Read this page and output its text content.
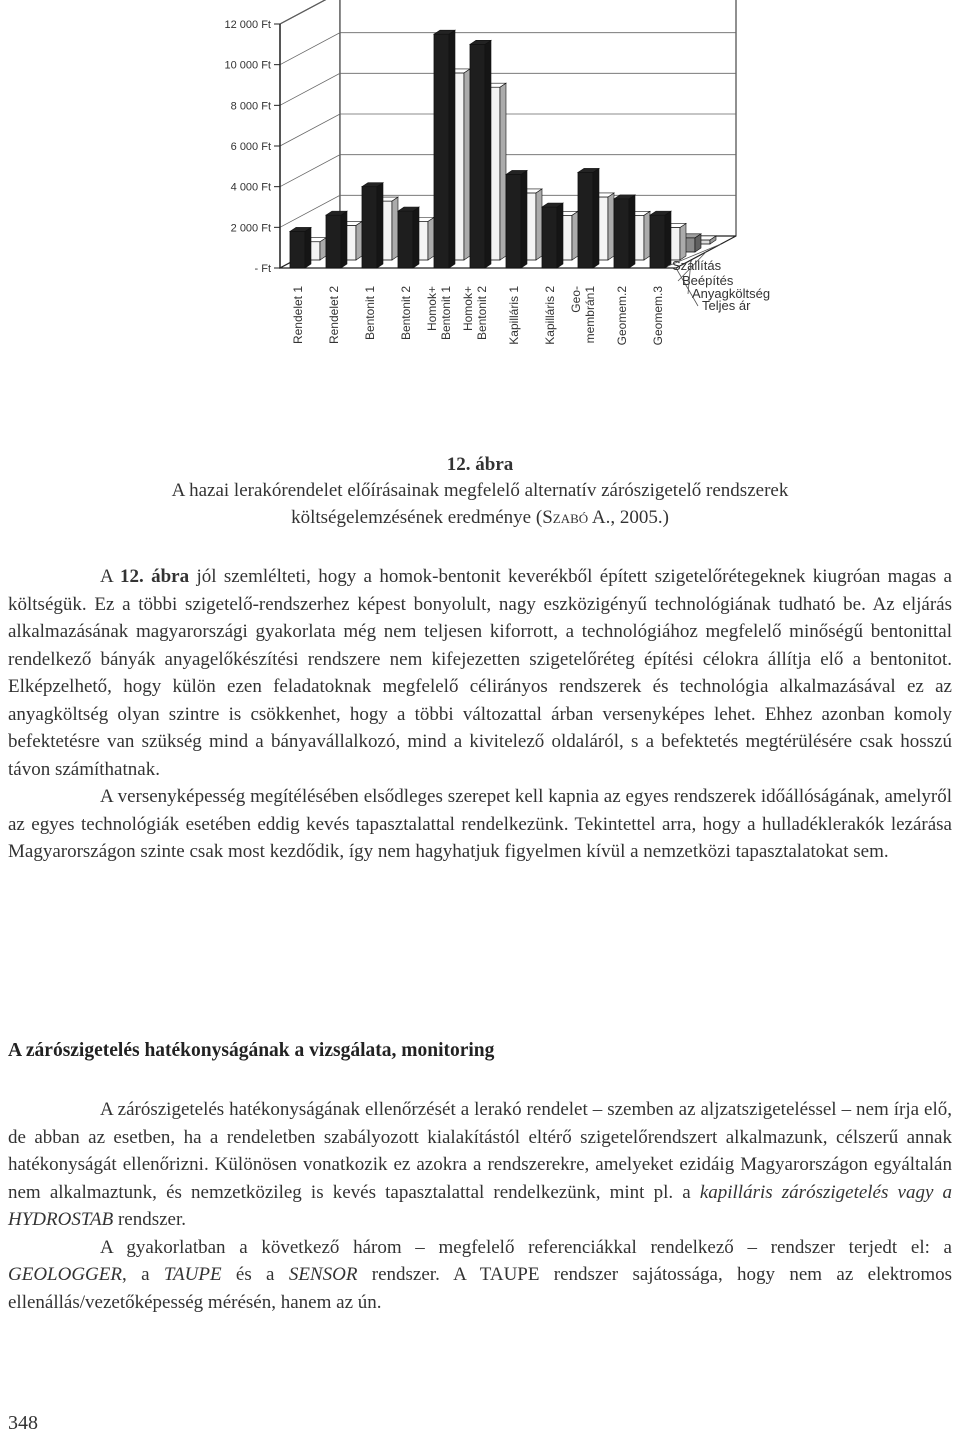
12 000 Ft
10 000 Ft
8 000 Ft
6 000 Ft
4 000 Ft
2 000 Ft
- Ft
Rendelet 1 Rendelet 2 Bentonit 1 Bentonit 2 Homok+Bentonit 1 Homok+Bentonit 2 Kapilláris 1 Kapilláris 2 Geo-membrán1 Geomem.2 Geomem.3	Teljes ár
Anyagköltség
Beépítés
Szállítás
12. ábra
A hazai lerakórendelet előírásainak megfelelő alternatív zárószigetelő rendszerek
költségelemzésének eredménye (Szabó A., 2005.)

A 12. ábra jól szemlélteti, hogy a homok-bentonit keverékből épített szigetelőrétegeknek kiugróan magas a költségük. Ez a többi szigetelő-rendszerhez képest bonyolult, nagy eszközigényű technológiának tudható be. Az eljárás alkalmazásának magyarországi gyakorlata még nem teljesen kiforrott, a technológiához megfelelő minőségű bentonittal rendelkező bányák anyagelőkészítési rendszere nem kifejezetten szigetelőréteg építési célokra állítja elő a bentonitot. Elképzelhető, hogy külön ezen feladatoknak megfelelő célirányos rendszerek és technológia alkalmazásával ez az anyagköltség olyan szintre is csökkenhet, hogy a többi változattal árban versenyképes lehet. Ehhez azonban komoly befektetésre van szükség mind a bányavállalkozó, mind a kivitelező oldaláról, s a befektetés megtérülésére csak hosszú távon számíthatnak.

A versenyképesség megítélésében elsődleges szerepet kell kapnia az egyes rendszerek időállóságának, amelyről az egyes technológiák esetében eddig kevés tapasztalattal rendelkezünk. Tekintettel arra, hogy a hulladéklerakók lezárása Magyarországon szinte csak most kezdődik, így nem hagyhatjuk figyelmen kívül a nemzetközi tapasztalatokat sem.

A zárószigetelés hatékonyságának a vizsgálata, monitoring

A zárószigetelés hatékonyságának ellenőrzését a lerakó rendelet – szemben az aljzatszigeteléssel – nem írja elő, de abban az esetben, ha a rendeletben szabályozott kialakítástól eltérő szigetelőrendszert alkalmazunk, célszerű annak hatékonyságát ellenőrizni. Különösen vonatkozik ez azokra a rendszerekre, amelyeket ezidáig Magyarországon egyáltalán nem alkalmaztunk, és nemzetközileg is kevés tapasztalattal rendelkezünk, mint pl. a kapilláris zárószigetelés vagy a HYDROSTAB rendszer.

A gyakorlatban a következő három – megfelelő referenciákkal rendelkező – rendszer terjedt el: a GEOLOGGER, a TAUPE és a SENSOR rendszer. A TAUPE rendszer sajátossága, hogy nem az elektromos ellenállás/vezetőképesség mérésén, hanem az ún.

348
